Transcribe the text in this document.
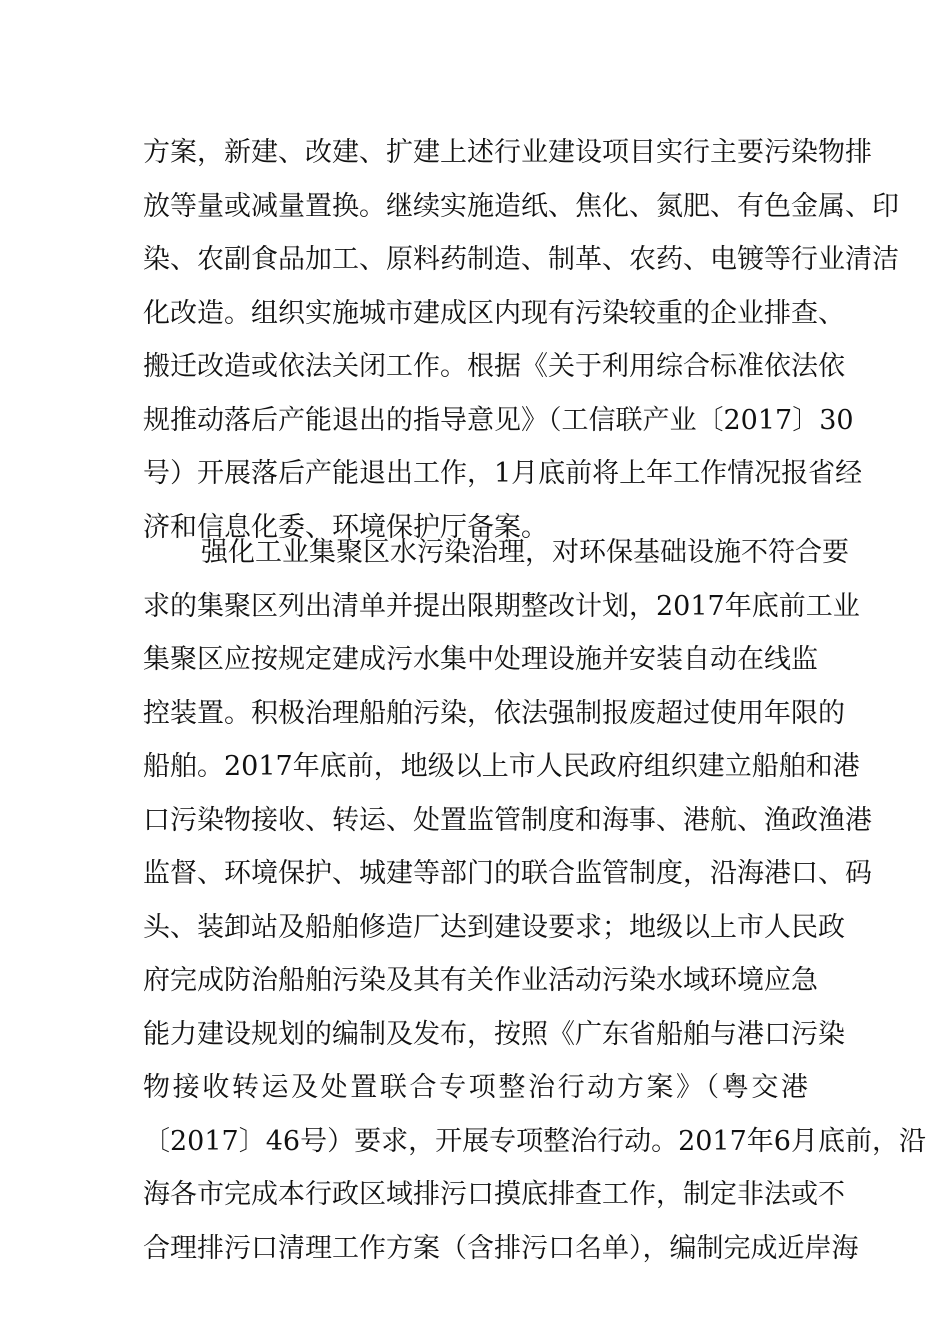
方案，新建、改建、扩建上述行业建设项目实行主要污染物排
放等量或减量置换。继续实施造纸、焦化、氮肥、有色金属、印
染、农副食品加工、原料药制造、制革、农药、电镀等行业清洁
化改造。组织实施城市建成区内现有污染较重的企业排查、
搬迁改造或依法关闭工作。根据《关于利用综合标准依法依
规推动落后产能退出的指导意见》（工信联产业〔2017〕30
号）开展落后产能退出工作，1月底前将上年工作情况报省经
济和信息化委、环境保护厅备案。
强化工业集聚区水污染治理，对环保基础设施不符合要
求的集聚区列出清单并提出限期整改计划，2017年底前工业
集聚区应按规定建成污水集中处理设施并安装自动在线监
控装置。积极治理船舶污染，依法强制报废超过使用年限的
船舶。2017年底前，地级以上市人民政府组织建立船舶和港
口污染物接收、转运、处置监管制度和海事、港航、渔政渔港
监督、环境保护、城建等部门的联合监管制度，沿海港口、码
头、装卸站及船舶修造厂达到建设要求；地级以上市人民政
府完成防治船舶污染及其有关作业活动污染水域环境应急
能力建设规划的编制及发布，按照《广东省船舶与港口污染
物接收转运及处置联合专项整治行动方案》（粤交港
〔2017〕46号）要求，开展专项整治行动。2017年6月底前，沿
海各市完成本行政区域排污口摸底排查工作，制定非法或不
合理排污口清理工作方案（含排污口名单），编制完成近岸海
